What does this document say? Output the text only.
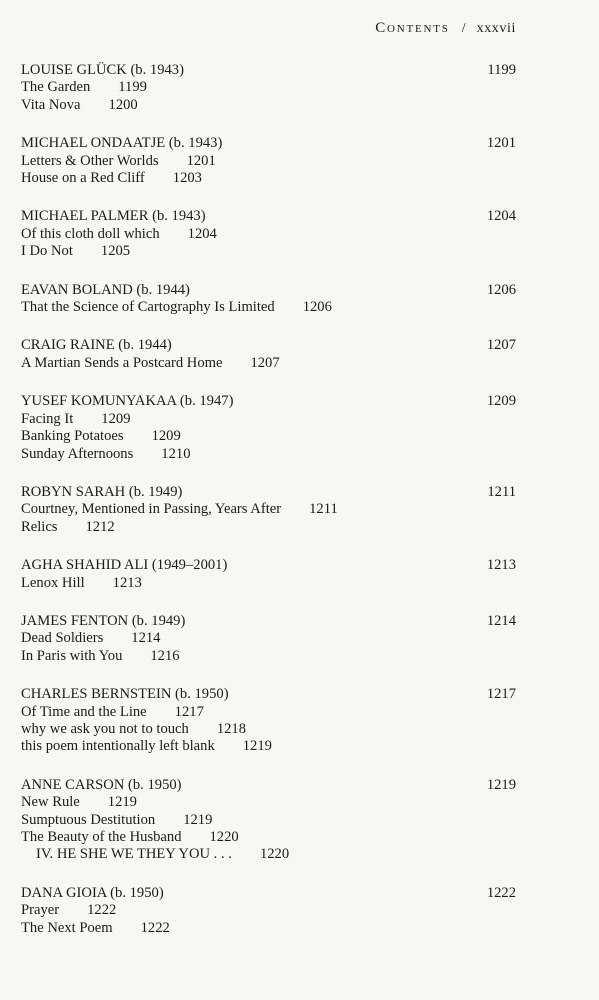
Contents / xxxvii
LOUISE GLÜCK (b. 1943)	1199
The Garden 1199
Vita Nova 1200
MICHAEL ONDAATJE (b. 1943)	1201
Letters & Other Worlds 1201
House on a Red Cliff 1203
MICHAEL PALMER (b. 1943)	1204
Of this cloth doll which 1204
I Do Not 1205
EAVAN BOLAND (b. 1944)	1206
That the Science of Cartography Is Limited 1206
CRAIG RAINE (b. 1944)	1207
A Martian Sends a Postcard Home 1207
YUSEF KOMUNYAKAA (b. 1947)	1209
Facing It 1209
Banking Potatoes 1209
Sunday Afternoons 1210
ROBYN SARAH (b. 1949)	1211
Courtney, Mentioned in Passing, Years After 1211
Relics 1212
AGHA SHAHID ALI (1949–2001)	1213
Lenox Hill 1213
JAMES FENTON (b. 1949)	1214
Dead Soldiers 1214
In Paris with You 1216
CHARLES BERNSTEIN (b. 1950)	1217
Of Time and the Line 1217
why we ask you not to touch 1218
this poem intentionally left blank 1219
ANNE CARSON (b. 1950)	1219
New Rule 1219
Sumptuous Destitution 1219
The Beauty of the Husband 1220
IV. HE SHE WE THEY YOU . . . 1220
DANA GIOIA (b. 1950)	1222
Prayer 1222
The Next Poem 1222
